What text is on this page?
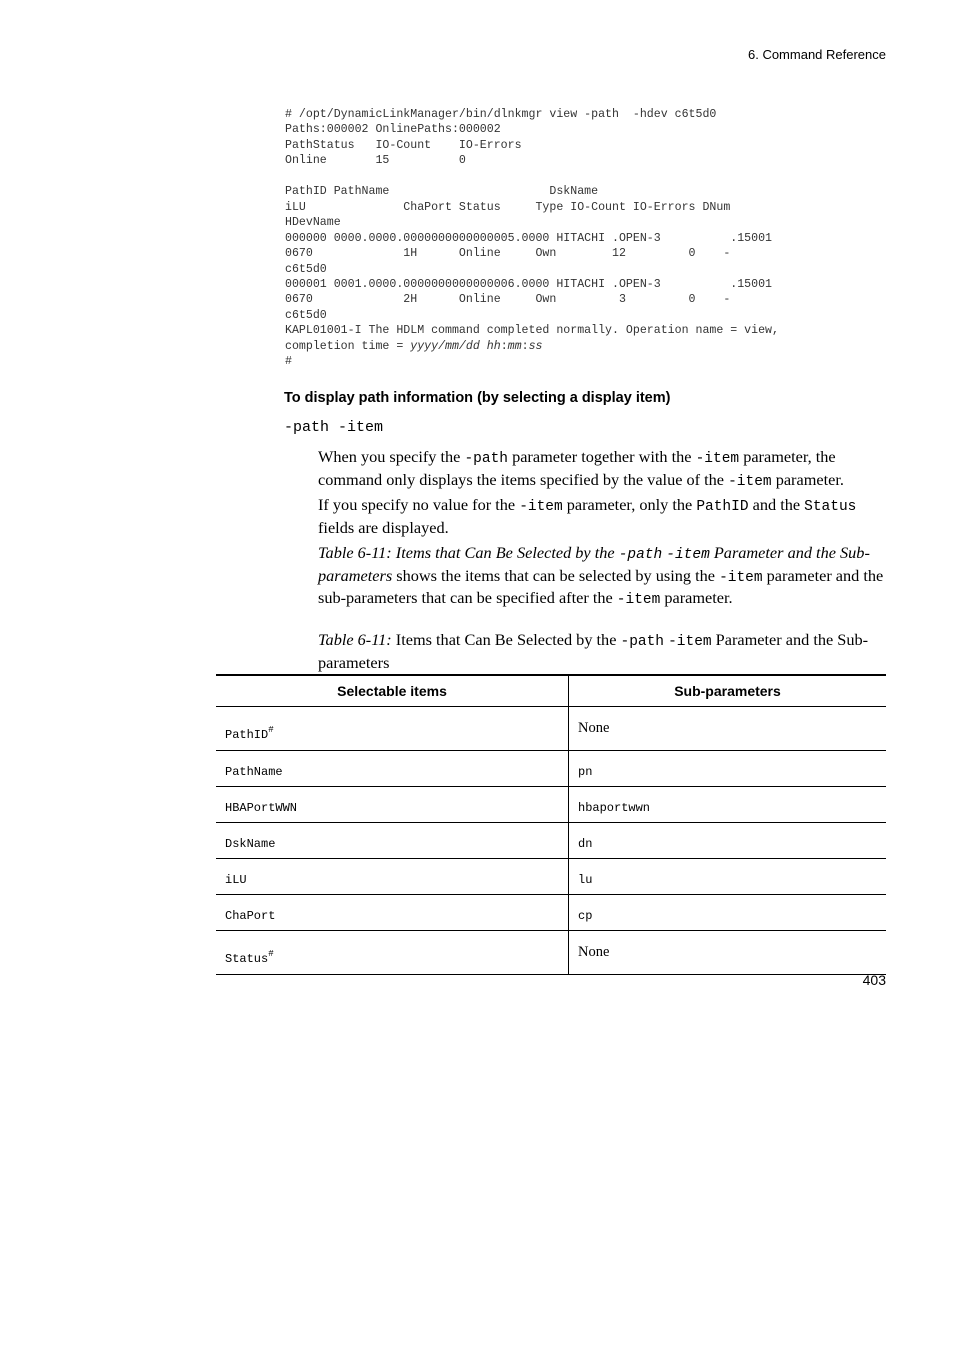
6. Command Reference
# /opt/DynamicLinkManager/bin/dlnkmgr view -path  -hdev c6t5d0
Paths:000002 OnlinePaths:000002
PathStatus   IO-Count    IO-Errors
Online       15          0

PathID PathName                       DskName
iLU              ChaPort Status     Type IO-Count IO-Errors DNum
HDevName
000000 0000.0000.0000000000000005.0000 HITACHI .OPEN-3          .15001
0670             1H      Online     Own        12         0    -
c6t5d0
000001 0001.0000.0000000000000006.0000 HITACHI .OPEN-3          .15001
0670             2H      Online     Own         3         0    -
c6t5d0
KAPL01001-I The HDLM command completed normally. Operation name = view,
completion time = yyyy/mm/dd hh:mm:ss
#
To display path information (by selecting a display item)
-path -item

When you specify the -path parameter together with the -item parameter, the command only displays the items specified by the value of the -item parameter.

If you specify no value for the -item parameter, only the PathID and the Status fields are displayed.

Table 6-11: Items that Can Be Selected by the -path -item Parameter and the Sub-parameters shows the items that can be selected by using the -item parameter and the sub-parameters that can be specified after the -item parameter.

Table 6-11: Items that Can Be Selected by the -path -item Parameter and the Sub-parameters
Selectable items	Sub-parameters
PathID#	None
PathName	pn
HBAPortWWN	hbaportwwn
DskName	dn
iLU	lu
ChaPort	cp
Status#	None
403
